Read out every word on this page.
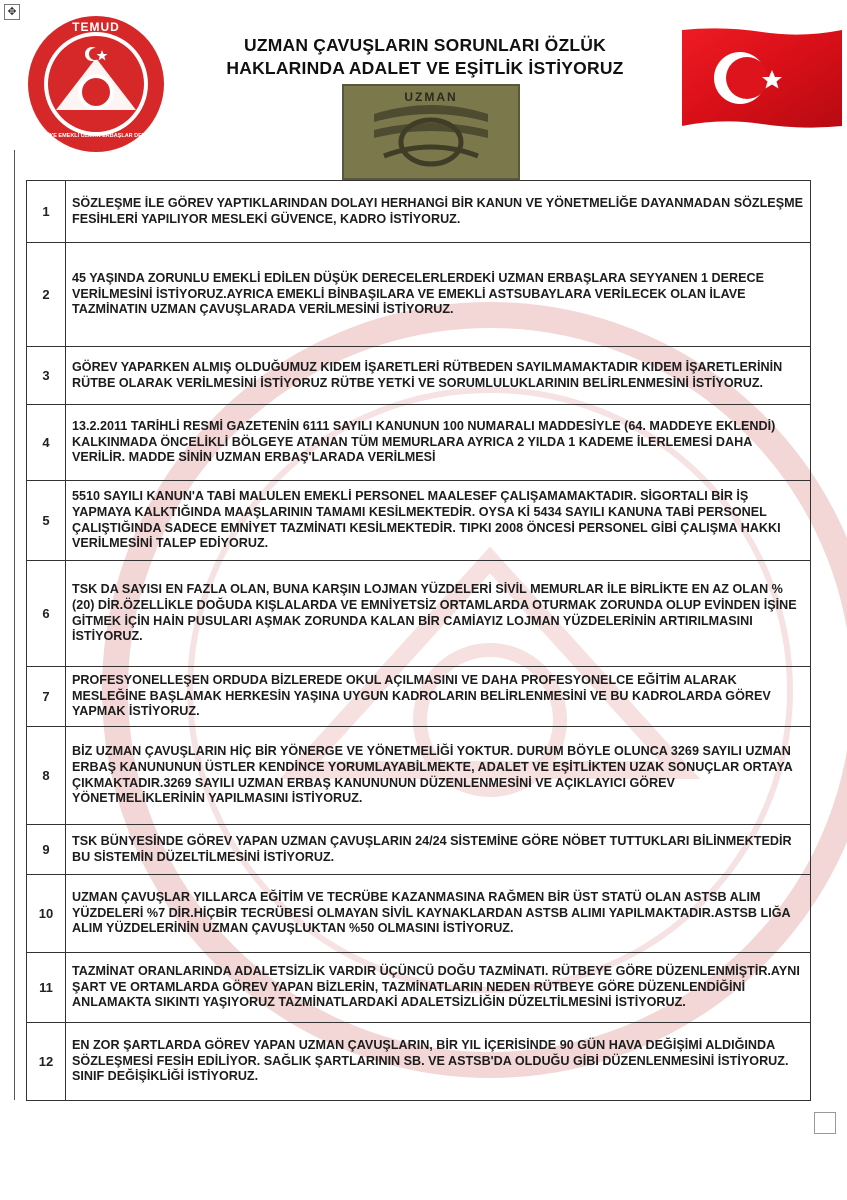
✥
TEMUD
TÜRKİYE EMEKLİ UZMAN ERBAŞLAR DERNEĞİ
UZMAN ÇAVUŞLARIN SORUNLARI ÖZLÜK
HAKLARINDA ADALET VE EŞİTLİK İSTİYORUZ
UZMAN
1	SÖZLEŞME İLE GÖREV YAPTIKLARINDAN DOLAYI HERHANGİ BİR KANUN VE YÖNETMELİĞE DAYANMADAN SÖZLEŞME FESİHLERİ YAPILIYOR MESLEKİ GÜVENCE, KADRO İSTİYORUZ.
2	45 YAŞINDA ZORUNLU EMEKLİ EDİLEN DÜŞÜK DERECELERLERDEKİ UZMAN ERBAŞLARA SEYYANEN 1 DERECE VERİLMESİNİ İSTİYORUZ.AYRICA EMEKLİ BİNBAŞILARA VE EMEKLİ ASTSUBAYLARA VERİLECEK OLAN İLAVE TAZMİNATIN UZMAN ÇAVUŞLARADA VERİLMESİNİ İSTİYORUZ.
3	GÖREV YAPARKEN ALMIŞ OLDUĞUMUZ KIDEM İŞARETLERİ RÜTBEDEN SAYILMAMAKTADIR KIDEM İŞARETLERİNİN RÜTBE OLARAK VERİLMESİNİ İSTİYORUZ RÜTBE YETKİ VE SORUMLULUKLARININ BELİRLENMESİNİ İSTİYORUZ.
4	13.2.2011 TARİHLİ RESMİ GAZETENİN 6111 SAYILI KANUNUN 100 NUMARALI MADDESİYLE (64. MADDEYE EKLENDİ) KALKINMADA ÖNCELİKLİ BÖLGEYE ATANAN TÜM MEMURLARA AYRICA 2 YILDA 1 KADEME İLERLEMESİ DAHA VERİLİR. MADDE SİNİN UZMAN ERBAŞ'LARADA VERİLMESİ
5	5510 SAYILI KANUN'A TABİ MALULEN EMEKLİ PERSONEL MAALESEF ÇALIŞAMAMAKTADIR. SİGORTALI BİR İŞ YAPMAYA KALKTIĞINDA MAAŞLARININ TAMAMI KESİLMEKTEDİR. OYSA Kİ 5434 SAYILI KANUNA TABİ PERSONEL ÇALIŞTIĞINDA SADECE EMNİYET TAZMİNATI KESİLMEKTEDİR. TIPKI 2008 ÖNCESİ PERSONEL GİBİ ÇALIŞMA HAKKI VERİLMESİNİ TALEP EDİYORUZ.
6	TSK DA SAYISI EN FAZLA OLAN, BUNA KARŞIN LOJMAN YÜZDELERİ SİVİL MEMURLAR İLE BİRLİKTE EN AZ OLAN % (20) DİR.ÖZELLİKLE DOĞUDA KIŞLALARDA VE EMNİYETSİZ ORTAMLARDA OTURMAK ZORUNDA OLUP EVİNDEN İŞİNE GİTMEK İÇİN HAİN PUSULARI AŞMAK ZORUNDA KALAN BİR CAMİAYIZ LOJMAN YÜZDELERİNİN ARTIRILMASINI İSTİYORUZ.
7	PROFESYONELLEŞEN ORDUDA BİZLEREDE OKUL AÇILMASINI VE DAHA PROFESYONELCE EĞİTİM ALARAK MESLEĞİNE BAŞLAMAK HERKESİN YAŞINA UYGUN KADROLARIN BELİRLENMESİNİ VE BU KADROLARDA GÖREV YAPMAK İSTİYORUZ.
8	BİZ UZMAN ÇAVUŞLARIN HİÇ BİR YÖNERGE VE YÖNETMELİĞİ YOKTUR. DURUM BÖYLE OLUNCA 3269 SAYILI UZMAN ERBAŞ KANUNUNUN ÜSTLER KENDİNCE YORUMLAYABİLMEKTE, ADALET VE EŞİTLİKTEN UZAK SONUÇLAR ORTAYA ÇIKMAKTADIR.3269 SAYILI UZMAN ERBAŞ KANUNUNUN DÜZENLENMESİNİ VE AÇIKLAYICI GÖREV YÖNETMELİKLERİNİN YAPILMASINI İSTİYORUZ.
9	TSK BÜNYESİNDE GÖREV YAPAN UZMAN ÇAVUŞLARIN 24/24 SİSTEMİNE GÖRE NÖBET TUTTUKLARI BİLİNMEKTEDİR BU SİSTEMİN DÜZELTİLMESİNİ İSTİYORUZ.
10	UZMAN ÇAVUŞLAR YILLARCA EĞİTİM VE TECRÜBE KAZANMASINA RAĞMEN BİR ÜST STATÜ OLAN ASTSB ALIM YÜZDELERİ %7 DİR.HİÇBİR TECRÜBESİ OLMAYAN SİVİL KAYNAKLARDAN ASTSB ALIMI YAPILMAKTADIR.ASTSB LIĞA ALIM YÜZDELERİNİN UZMAN ÇAVUŞLUKTAN %50 OLMASINI İSTİYORUZ.
11	TAZMİNAT ORANLARINDA ADALETSİZLİK VARDIR ÜÇÜNCÜ DOĞU TAZMİNATI. RÜTBEYE GÖRE DÜZENLENMİŞTİR.AYNI ŞART VE ORTAMLARDA GÖREV YAPAN BİZLERİN, TAZMİNATLARIN NEDEN RÜTBEYE GÖRE DÜZENLENDİĞİNİ ANLAMAKTA SIKINTI YAŞIYORUZ TAZMİNATLARDAKİ ADALETSİZLİĞİN DÜZELTİLMESİNİ İSTİYORUZ.
12	EN ZOR ŞARTLARDA GÖREV YAPAN UZMAN ÇAVUŞLARIN, BİR YIL İÇERİSİNDE 90 GÜN HAVA DEĞİŞİMİ ALDIĞINDA SÖZLEŞMESİ FESİH EDİLİYOR. SAĞLIK ŞARTLARININ SB. VE ASTSB'DA OLDUĞU GİBİ DÜZENLENMESİNİ İSTİYORUZ. SINIF DEĞİŞİKLİĞİ İSTİYORUZ.
